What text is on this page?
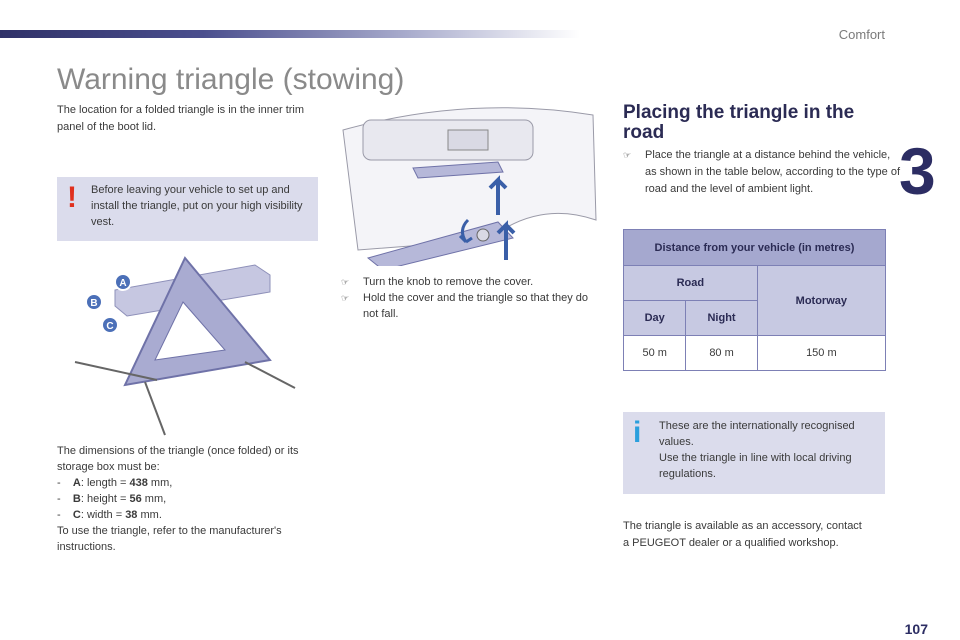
Comfort
3
Warning triangle (stowing)
The location for a folded triangle is in the inner trim panel of the boot lid.
! Before leaving your vehicle to set up and install the triangle, put on your high visibility vest.
A
B
C

The dimensions of the triangle (once folded) or its storage box must be:

- A: length = 438 mm,

- B: height = 56 mm,

- C: width = 38 mm.

To use the triangle, refer to the manufacturer's instructions.

☞ Turn the knob to remove the cover.
☞ Hold the cover and the triangle so that they do not fall.
Placing the triangle in the road
☞ Place the triangle at a distance behind the vehicle, as shown in the table below, according to the type of road and the level of ambient light.
Distance from your vehicle (in metres)		
Road		Motorway
Day	Night	
50 m	80 m	150 m
i These are the internationally recognised values.
Use the triangle in line with local driving regulations.
The triangle is available as an accessory, contact a PEUGEOT dealer or a qualified workshop.
107
